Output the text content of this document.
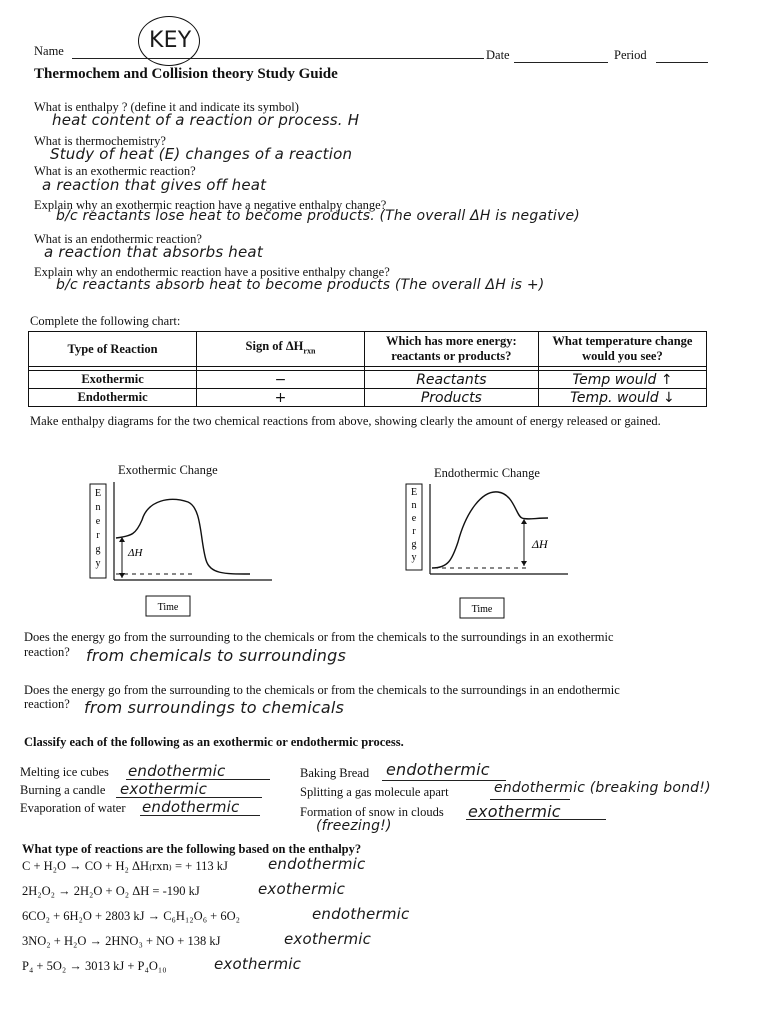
Name	Date	Period
KEY
Thermochem and Collision theory Study Guide
What is enthalpy ? (define it and indicate its symbol)
heat content of a reaction or process. H
What is thermochemistry?
Study of heat (E) changes of a reaction
What is an exothermic reaction?
a reaction that gives off heat
Explain why an exothermic reaction have a negative enthalpy change?
b/c reactants lose heat to become products. (The overall ΔH is negative)
What is an endothermic reaction?
a reaction that absorbs heat
Explain why an endothermic reaction have a positive enthalpy change?
b/c reactants absorb heat to become products (The overall ΔH is +)
Complete the following chart:
Type of Reaction	Sign of $\Delta H_{rxn}$	Which has more energy: reactants or products?	What temperature change would you see?

Exothermic	−	Reactants	Temp would ↑
Endothermic	+	Products	Temp. would ↓
Make enthalpy diagrams for the two chemical reactions from above, showing clearly the amount of energy released or gained.
Exothermic Change
E
n
e
r
g
y
ΔH
Time
Endothermic Change
E
n
e
r
g
y
ΔH
Time
Does the energy go from the surrounding to the chemicals or from the chemicals to the surroundings in an exothermic
reaction? from chemicals to surroundings
Does the energy go from the surrounding to the chemicals or from the chemicals to the surroundings in an endothermic
reaction? from surroundings to chemicals
Classify each of the following as an exothermic or endothermic process.
Melting ice cubes endothermic
Burning a candle exothermic
Evaporation of water endothermic
Baking Bread endothermic
Splitting a gas molecule apart	endothermic (breaking bond!)
Formation of snow in clouds exothermic
(freezing!)
What type of reactions are the following based on the enthalpy?
C + H₂O → CO + H₂ ΔH₍rxn₎ = + 113 kJ	endothermic
2H₂O₂ → 2H₂O + O₂ ΔH = -190 kJ	exothermic
6CO₂ + 6H₂O + 2803 kJ → C₆H₁₂O₆ + 6O₂	endothermic
3NO₂ + H₂O → 2HNO₃ + NO + 138 kJ	exothermic
P₄ + 5O₂ → 3013 kJ + P₄O₁₀	exothermic
